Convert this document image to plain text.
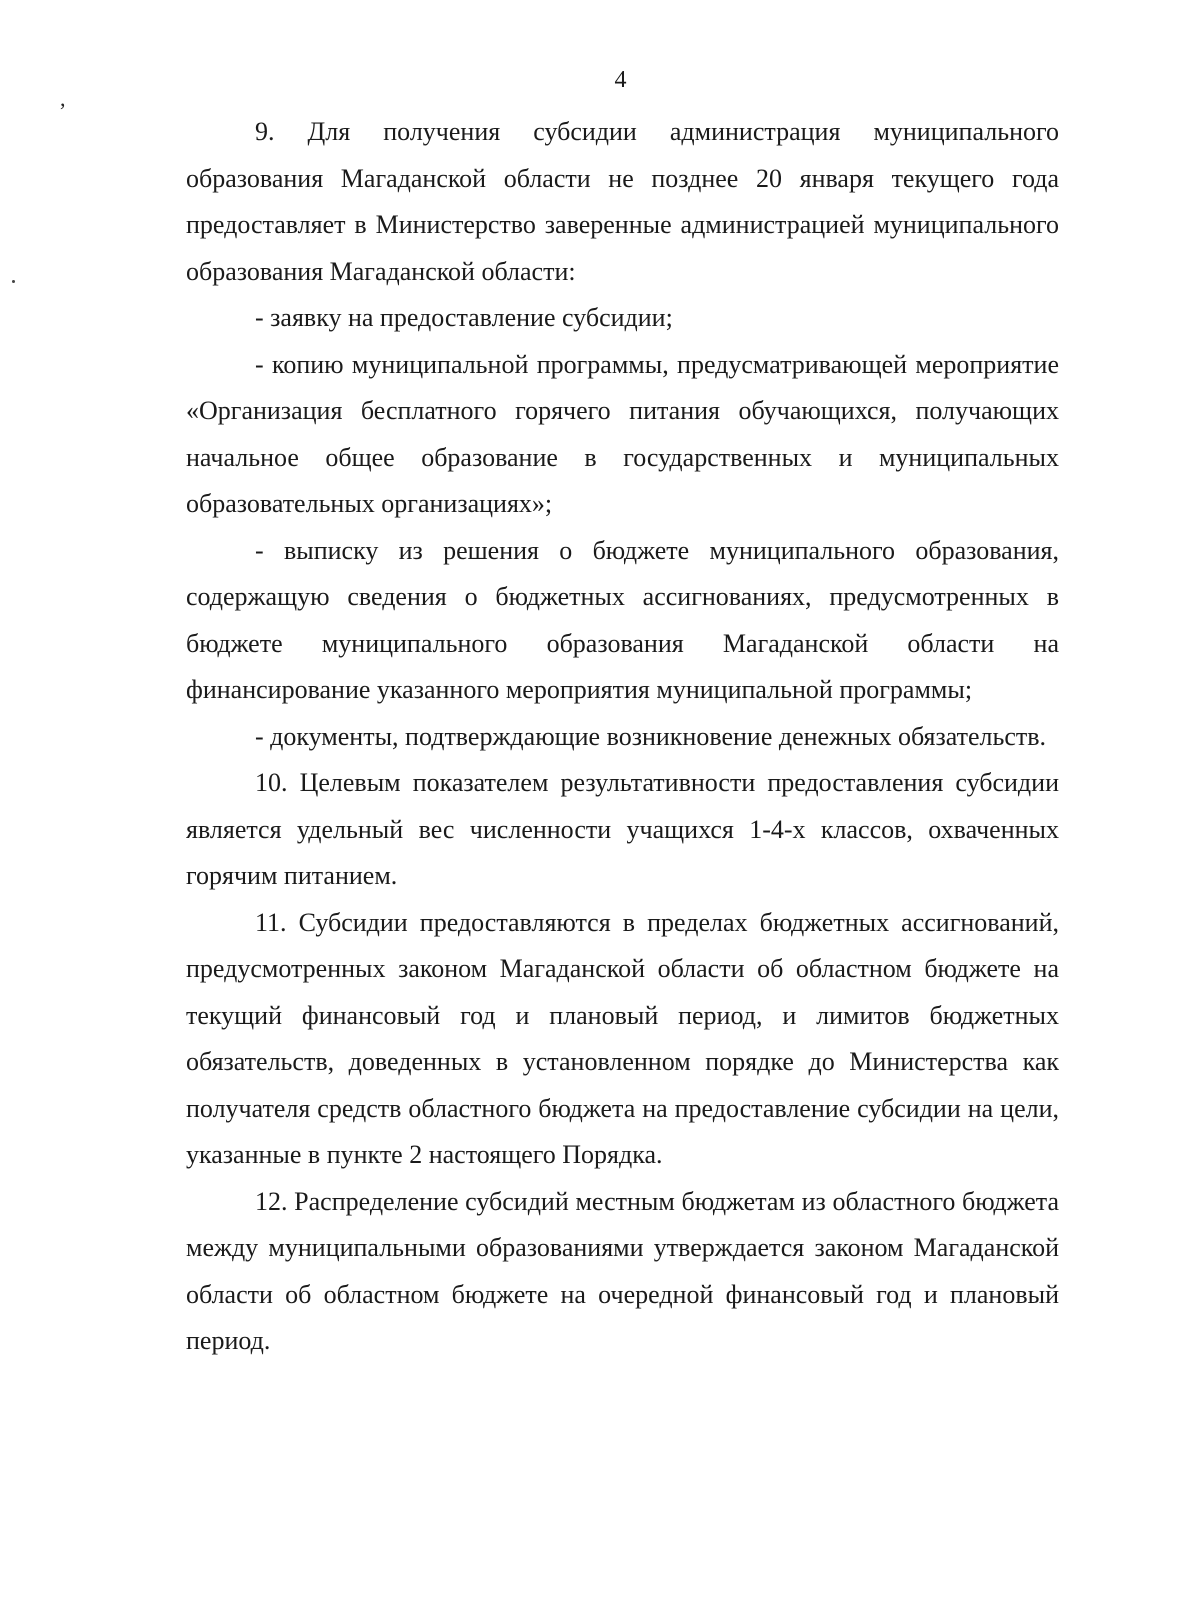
4
,

9. Для получения субсидии администрация муниципального образования Магаданской области не позднее 20 января текущего года предоставляет в Министерство заверенные администрацией муниципального образования Магаданской области:

- заявку на предоставление субсидии;

- копию муниципальной программы, предусматривающей мероприятие «Организация бесплатного горячего питания обучающихся, получающих начальное общее образование в государственных и муниципальных образовательных организациях»;

- выписку из решения о бюджете муниципального образования, содержащую сведения о бюджетных ассигнованиях, предусмотренных в бюджете муниципального образования Магаданской области на финансирование указанного мероприятия муниципальной программы;

- документы, подтверждающие возникновение денежных обязательств.

10. Целевым показателем результативности предоставления субсидии является удельный вес численности учащихся 1-4-х классов, охваченных горячим питанием.

11. Субсидии предоставляются в пределах бюджетных ассигнований, предусмотренных законом Магаданской области об областном бюджете на текущий финансовый год и плановый период, и лимитов бюджетных обязательств, доведенных в установленном порядке до Министерства как получателя средств областного бюджета на предоставление субсидии на цели, указанные в пункте 2 настоящего Порядка.

12. Распределение субсидий местным бюджетам из областного бюджета между муниципальными образованиями утверждается законом Магаданской области об областном бюджете на очередной финансовый год и плановый период.
